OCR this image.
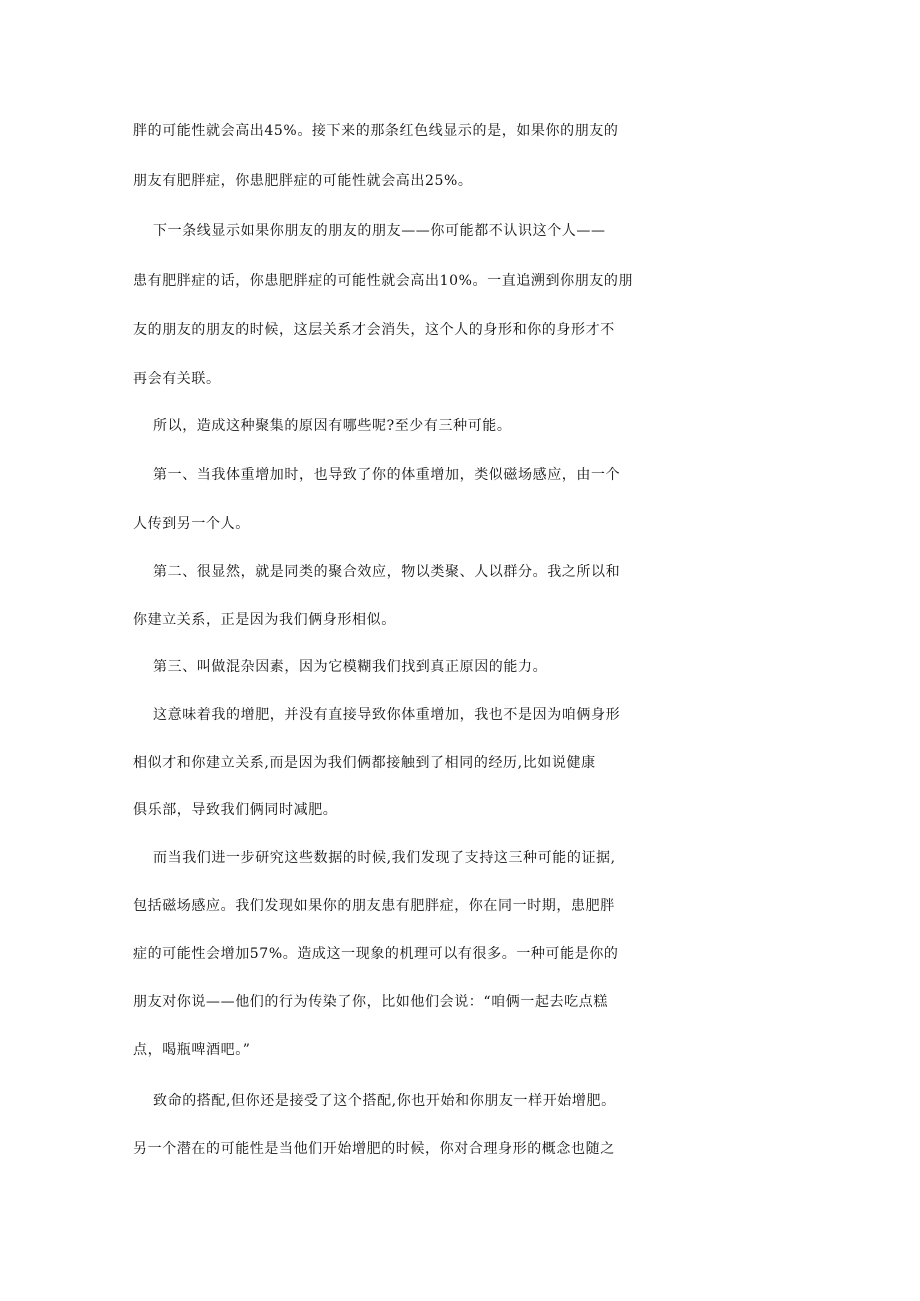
胖的可能性就会高出45%。接下来的那条红色线显示的是，如果你的朋友的
朋友有肥胖症，你患肥胖症的可能性就会高出25%。
下一条线显示如果你朋友的朋友的朋友——你可能都不认识这个人——
患有肥胖症的话，你患肥胖症的可能性就会高出10%。一直追溯到你朋友的朋
友的朋友的朋友的时候，这层关系才会消失，这个人的身形和你的身形才不
再会有关联。
所以，造成这种聚集的原因有哪些呢?至少有三种可能。
第一、当我体重增加时，也导致了你的体重增加，类似磁场感应，由一个
人传到另一个人。
第二、很显然，就是同类的聚合效应，物以类聚、人以群分。我之所以和
你建立关系，正是因为我们俩身形相似。
第三、叫做混杂因素，因为它模糊我们找到真正原因的能力。
这意味着我的增肥，并没有直接导致你体重增加，我也不是因为咱俩身形
相似才和你建立关系,而是因为我们俩都接触到了相同的经历,比如说健康
俱乐部，导致我们俩同时减肥。
而当我们进一步研究这些数据的时候,我们发现了支持这三种可能的证据,
包括磁场感应。我们发现如果你的朋友患有肥胖症，你在同一时期，患肥胖
症的可能性会增加57%。造成这一现象的机理可以有很多。一种可能是你的
朋友对你说——他们的行为传染了你，比如他们会说：“咱俩一起去吃点糕
点，喝瓶啤酒吧。”
致命的搭配,但你还是接受了这个搭配,你也开始和你朋友一样开始增肥。
另一个潜在的可能性是当他们开始增肥的时候，你对合理身形的概念也随之
